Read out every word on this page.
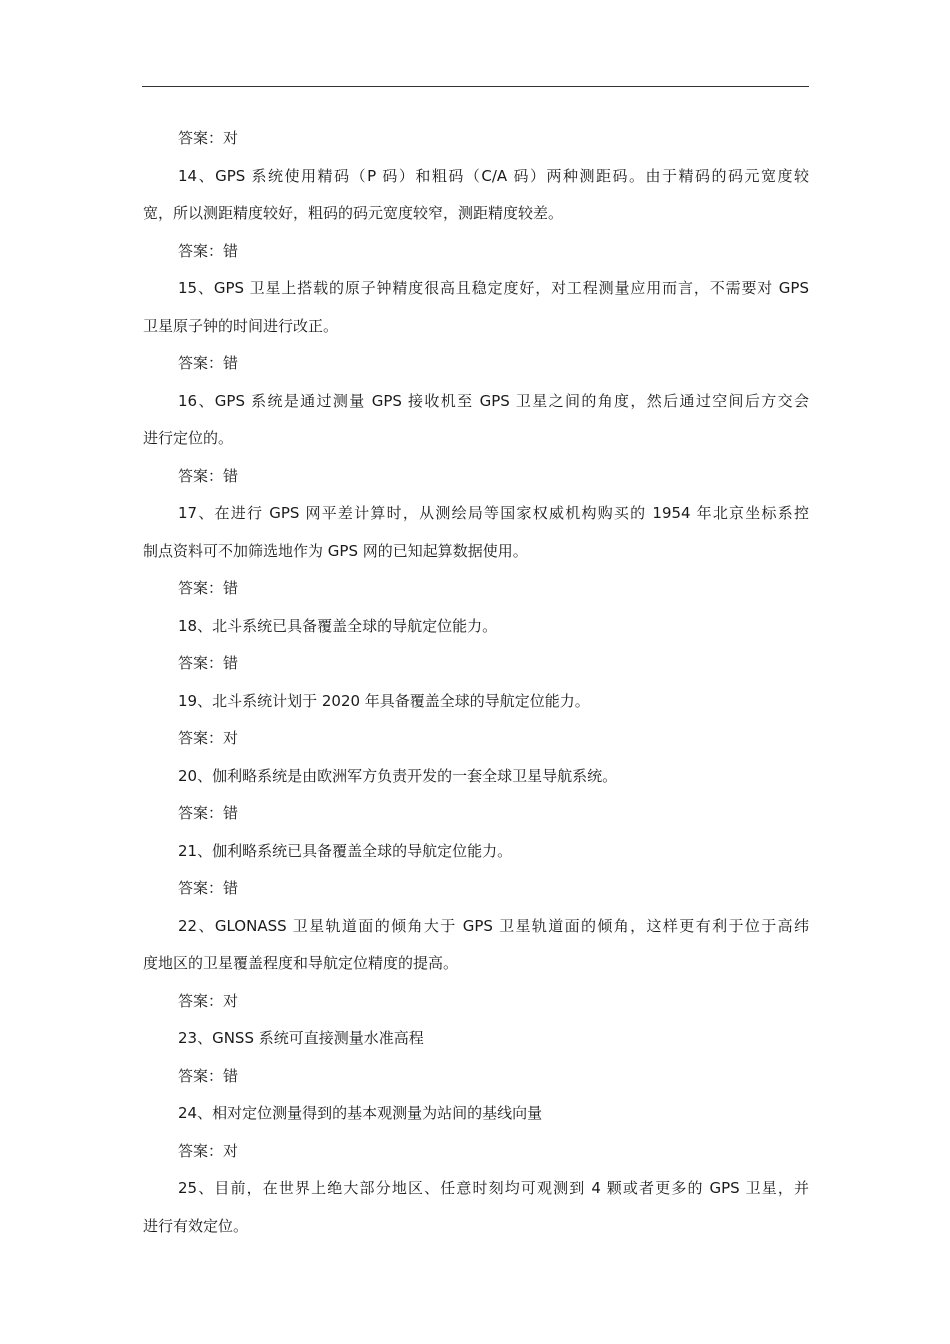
答案：对
14、GPS 系统使用精码（P 码）和粗码（C/A 码）两种测距码。由于精码的码元宽度较
宽，所以测距精度较好，粗码的码元宽度较窄，测距精度较差。
答案：错
15、GPS 卫星上搭载的原子钟精度很高且稳定度好，对工程测量应用而言，不需要对 GPS
卫星原子钟的时间进行改正。
答案：错
16、GPS 系统是通过测量 GPS 接收机至 GPS 卫星之间的角度，然后通过空间后方交会
进行定位的。
答案：错
17、在进行 GPS 网平差计算时，从测绘局等国家权威机构购买的 1954 年北京坐标系控
制点资料可不加筛选地作为 GPS 网的已知起算数据使用。
答案：错
18、北斗系统已具备覆盖全球的导航定位能力。
答案：错
19、北斗系统计划于 2020 年具备覆盖全球的导航定位能力。
答案：对
20、伽利略系统是由欧洲军方负责开发的一套全球卫星导航系统。
答案：错
21、伽利略系统已具备覆盖全球的导航定位能力。
答案：错
22、GLONASS 卫星轨道面的倾角大于 GPS 卫星轨道面的倾角，这样更有利于位于高纬
度地区的卫星覆盖程度和导航定位精度的提高。
答案：对
23、GNSS 系统可直接测量水准高程
答案：错
24、相对定位测量得到的基本观测量为站间的基线向量
答案：对
25、目前，在世界上绝大部分地区、任意时刻均可观测到 4 颗或者更多的 GPS 卫星，并
进行有效定位。
